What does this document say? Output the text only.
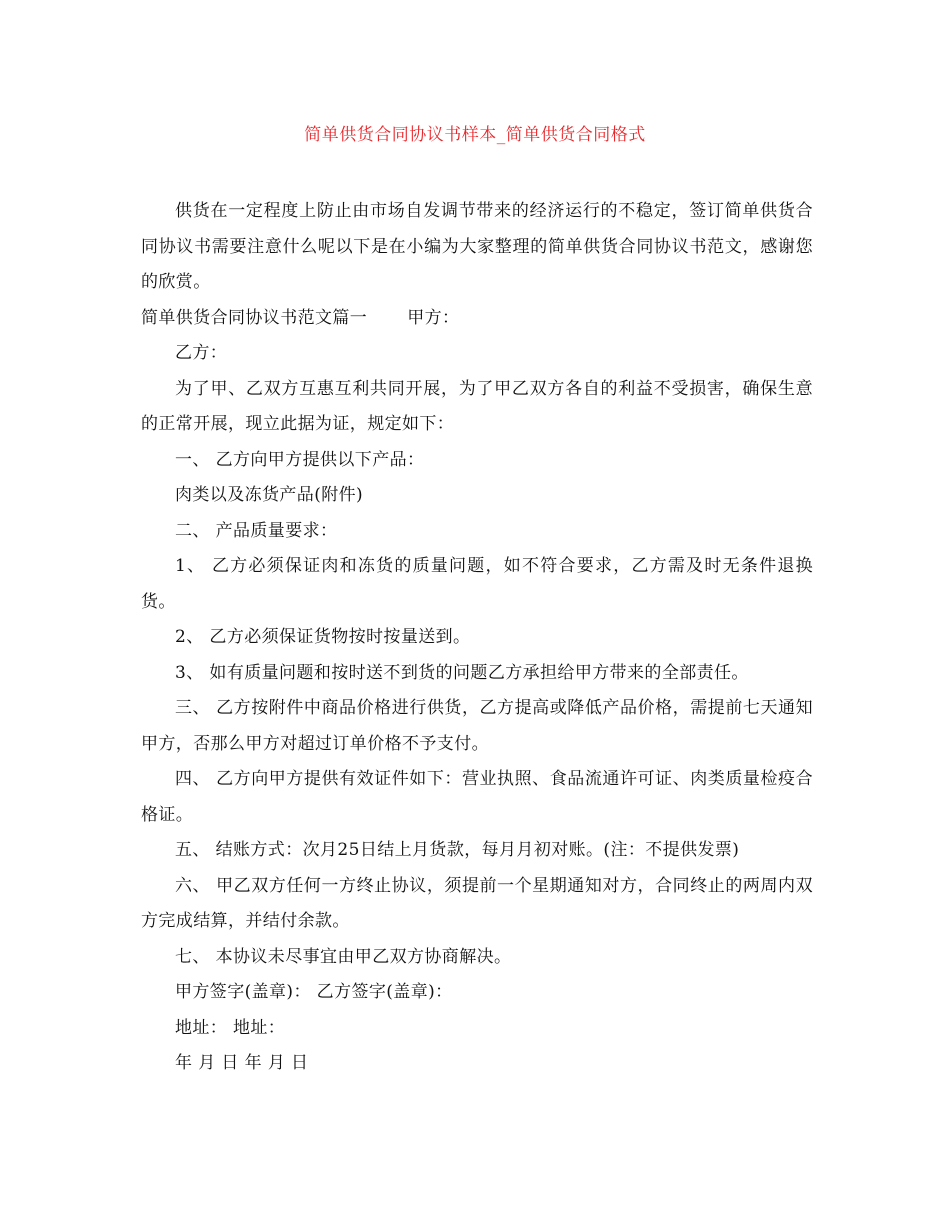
简单供货合同协议书样本_简单供货合同格式

供货在一定程度上防止由市场自发调节带来的经济运行的不稳定，签订简单供货合同协议书需要注意什么呢以下是在小编为大家整理的简单供货合同协议书范文，感谢您的欣赏。

简单供货合同协议书范文篇一 甲方：

乙方：

为了甲、乙双方互惠互利共同开展，为了甲乙双方各自的利益不受损害，确保生意的正常开展，现立此据为证，规定如下：

一、 乙方向甲方提供以下产品：

肉类以及冻货产品(附件)

二、 产品质量要求：

1、 乙方必须保证肉和冻货的质量问题，如不符合要求，乙方需及时无条件退换货。

2、 乙方必须保证货物按时按量送到。

3、 如有质量问题和按时送不到货的问题乙方承担给甲方带来的全部责任。

三、 乙方按附件中商品价格进行供货，乙方提高或降低产品价格，需提前七天通知甲方，否那么甲方对超过订单价格不予支付。

四、 乙方向甲方提供有效证件如下：营业执照、食品流通许可证、肉类质量检疫合格证。

五、 结账方式：次月25日结上月货款，每月月初对账。(注：不提供发票)

六、 甲乙双方任何一方终止协议，须提前一个星期通知对方，合同终止的两周内双方完成结算，并结付余款。

七、 本协议未尽事宜由甲乙双方协商解决。

甲方签字(盖章)： 乙方签字(盖章)：

地址： 地址：

年 月 日 年 月 日
